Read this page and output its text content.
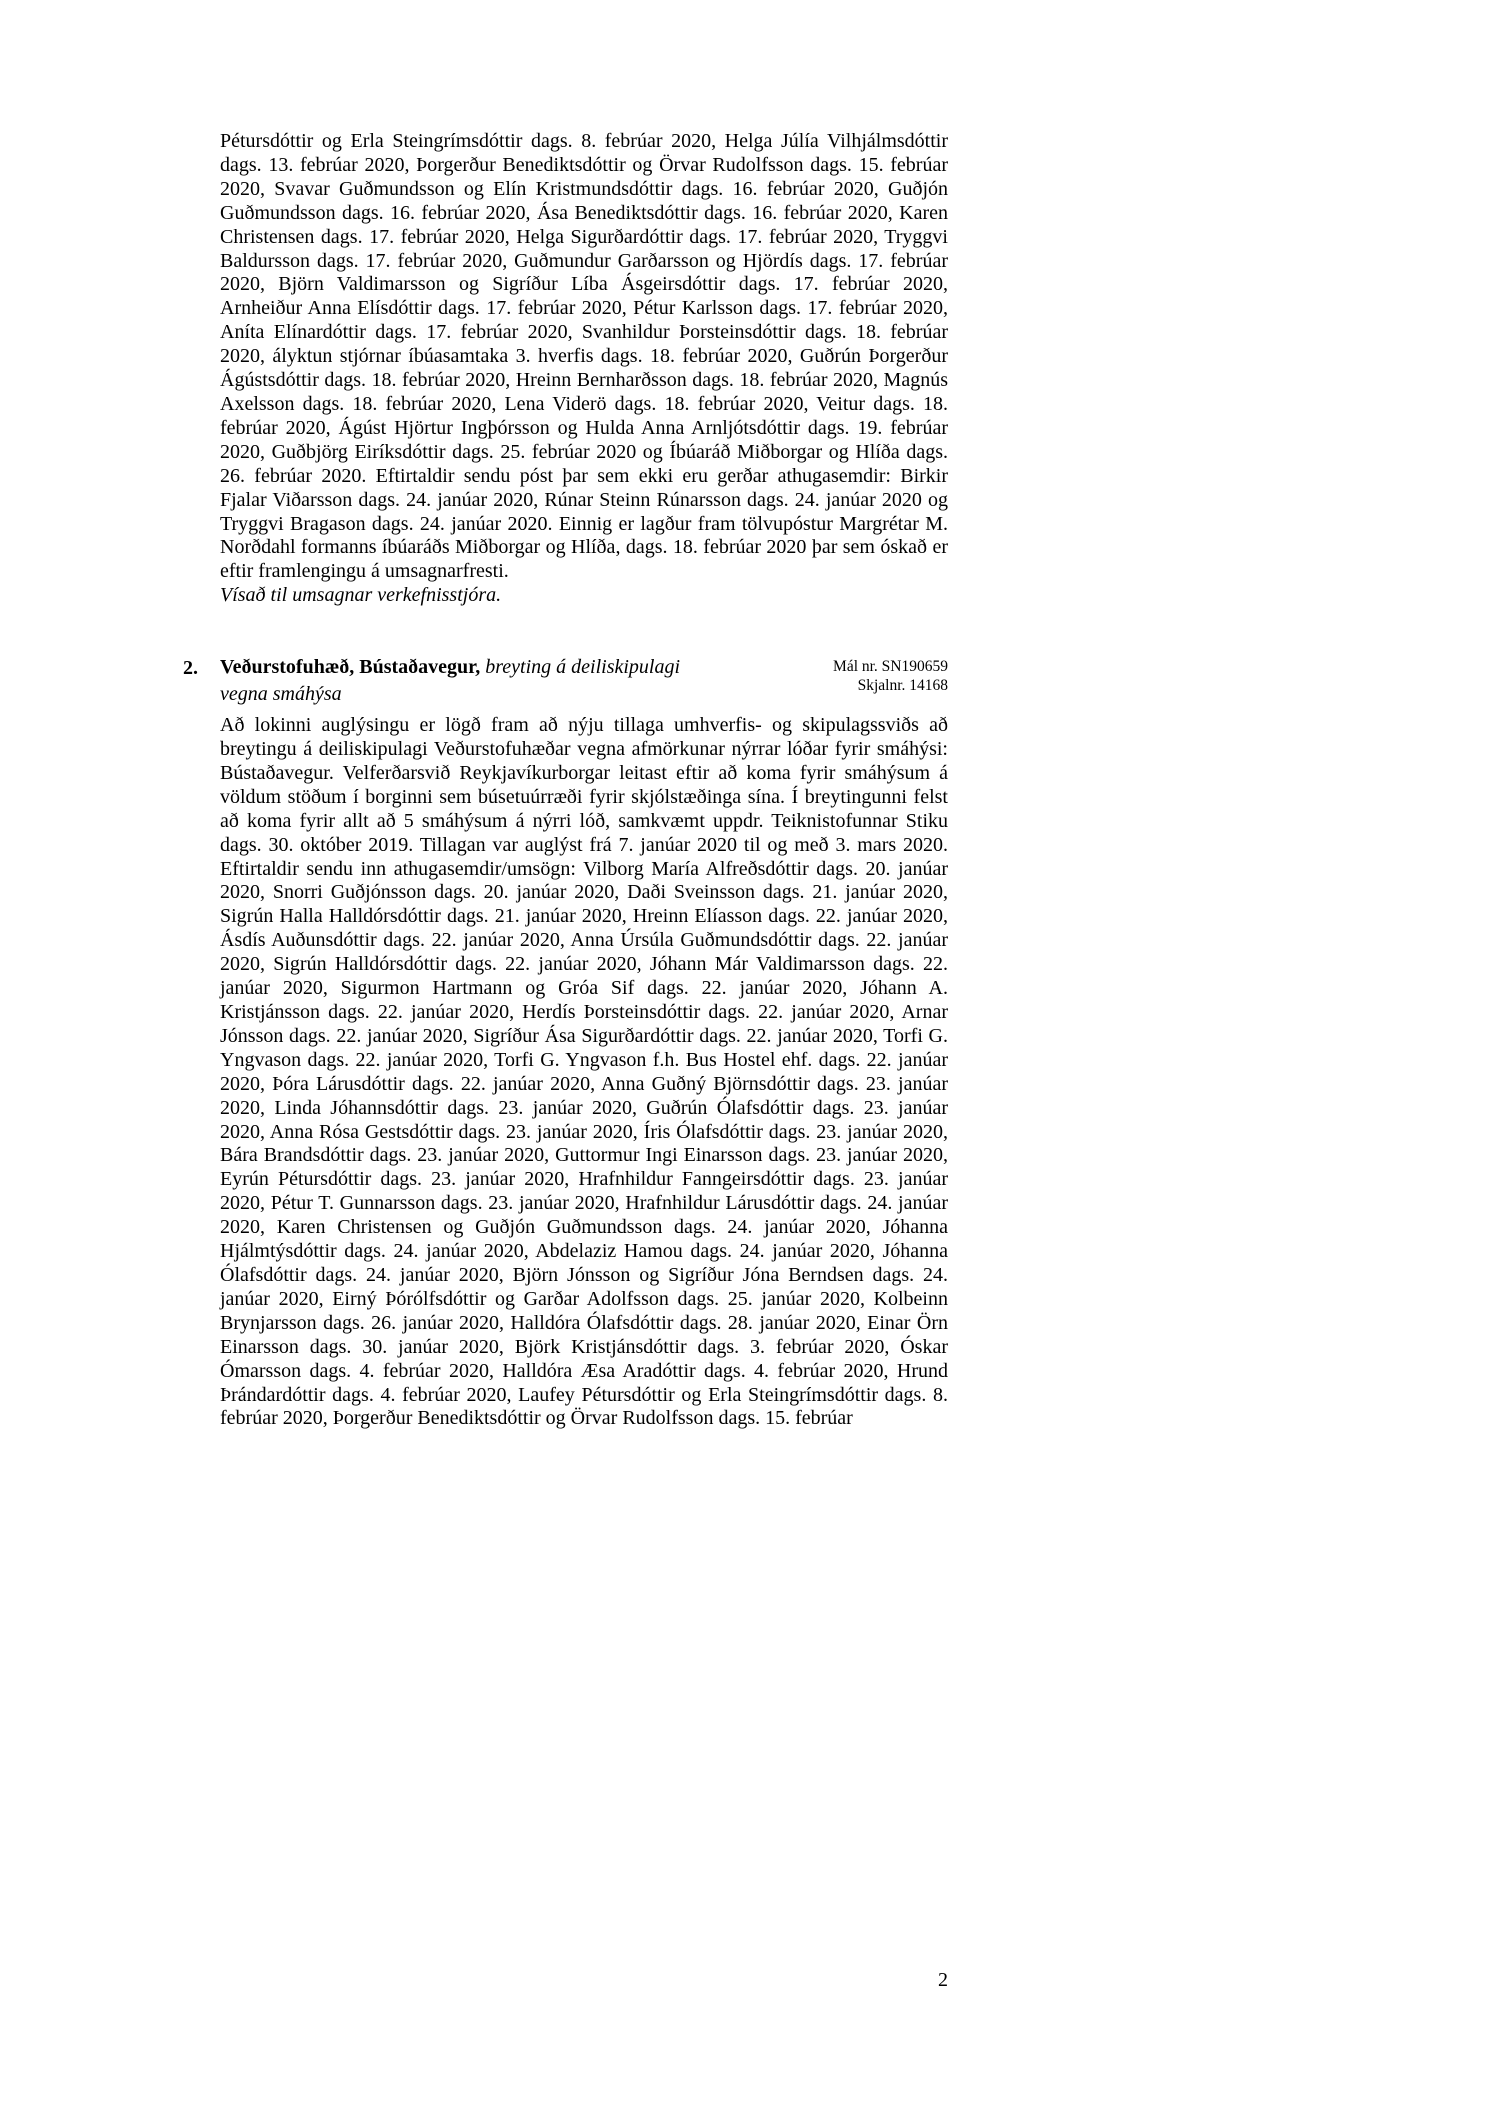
Pétursdóttir og Erla Steingrímsdóttir dags. 8. febrúar 2020, Helga Júlía Vilhjálmsdóttir dags. 13. febrúar 2020, Þorgerður Benediktsdóttir og Örvar Rudolfsson dags. 15. febrúar 2020, Svavar Guðmundsson og Elín Kristmundsdóttir dags. 16. febrúar 2020, Guðjón Guðmundsson dags. 16. febrúar 2020, Ása Benediktsdóttir dags. 16. febrúar 2020, Karen Christensen dags. 17. febrúar 2020, Helga Sigurðardóttir dags. 17. febrúar 2020, Tryggvi Baldursson dags. 17. febrúar 2020, Guðmundur Garðarsson og Hjördís dags. 17. febrúar 2020, Björn Valdimarsson og Sigríður Líba Ásgeirsdóttir dags. 17. febrúar 2020, Arnheiður Anna Elísdóttir dags. 17. febrúar 2020, Pétur Karlsson dags. 17. febrúar 2020, Aníta Elínardóttir dags. 17. febrúar 2020, Svanhildur Þorsteinsdóttir dags. 18. febrúar 2020, ályktun stjórnar íbúasamtaka 3. hverfis dags. 18. febrúar 2020, Guðrún Þorgerður Ágústsdóttir dags. 18. febrúar 2020, Hreinn Bernharðsson dags. 18. febrúar 2020, Magnús Axelsson dags. 18. febrúar 2020, Lena Viderö dags. 18. febrúar 2020, Veitur dags. 18. febrúar 2020, Ágúst Hjörtur Ingþórsson og Hulda Anna Arnljótsdóttir dags. 19. febrúar 2020, Guðbjörg Eiríksdóttir dags. 25. febrúar 2020 og Íbúaráð Miðborgar og Hlíða dags. 26. febrúar 2020. Eftirtaldir sendu póst þar sem ekki eru gerðar athugasemdir: Birkir Fjalar Viðarsson dags. 24. janúar 2020, Rúnar Steinn Rúnarsson dags. 24. janúar 2020 og Tryggvi Bragason dags. 24. janúar 2020. Einnig er lagður fram tölvupóstur Margrétar M. Norðdahl formanns íbúaráðs Miðborgar og Hlíða, dags. 18. febrúar 2020 þar sem óskað er eftir framlengingu á umsagnarfresti.

Vísað til umsagnar verkefnisstjóra.

2. Veðurstofuhæð, Bústaðavegur, breyting á deiliskipulagi vegna smáhýsa
Mál nr. SN190659
Skjalnr. 14168

Að lokinni auglýsingu er lögð fram að nýju tillaga umhverfis- og skipulagssviðs að breytingu á deiliskipulagi Veðurstofuhæðar vegna afmörkunar nýrrar lóðar fyrir smáhýsi: Bústaðavegur. Velferðarsvið Reykjavíkurborgar leitast eftir að koma fyrir smáhýsum á völdum stöðum í borginni sem búsetuúrræði fyrir skjólstæðinga sína. Í breytingunni felst að koma fyrir allt að 5 smáhýsum á nýrri lóð, samkvæmt uppdr. Teiknistofunnar Stiku dags. 30. október 2019. Tillagan var auglýst frá 7. janúar 2020 til og með 3. mars 2020. Eftirtaldir sendu inn athugasemdir/umsögn: Vilborg María Alfreðsdóttir dags. 20. janúar 2020, Snorri Guðjónsson dags. 20. janúar 2020, Daði Sveinsson dags. 21. janúar 2020, Sigrún Halla Halldórsdóttir dags. 21. janúar 2020, Hreinn Elíasson dags. 22. janúar 2020, Ásdís Auðunsdóttir dags. 22. janúar 2020, Anna Úrsúla Guðmundsdóttir dags. 22. janúar 2020, Sigrún Halldórsdóttir dags. 22. janúar 2020, Jóhann Már Valdimarsson dags. 22. janúar 2020, Sigurmon Hartmann og Gróa Sif dags. 22. janúar 2020, Jóhann A. Kristjánsson dags. 22. janúar 2020, Herdís Þorsteinsdóttir dags. 22. janúar 2020, Arnar Jónsson dags. 22. janúar 2020, Sigríður Ása Sigurðardóttir dags. 22. janúar 2020, Torfi G. Yngvason dags. 22. janúar 2020, Torfi G. Yngvason f.h. Bus Hostel ehf. dags. 22. janúar 2020, Þóra Lárusdóttir dags. 22. janúar 2020, Anna Guðný Björnsdóttir dags. 23. janúar 2020, Linda Jóhannsdóttir dags. 23. janúar 2020, Guðrún Ólafsdóttir dags. 23. janúar 2020, Anna Rósa Gestsdóttir dags. 23. janúar 2020, Íris Ólafsdóttir dags. 23. janúar 2020, Bára Brandsdóttir dags. 23. janúar 2020, Guttormur Ingi Einarsson dags. 23. janúar 2020, Eyrún Pétursdóttir dags. 23. janúar 2020, Hrafnhildur Fanngeirsdóttir dags. 23. janúar 2020, Pétur T. Gunnarsson dags. 23. janúar 2020, Hrafnhildur Lárusdóttir dags. 24. janúar 2020, Karen Christensen og Guðjón Guðmundsson dags. 24. janúar 2020, Jóhanna Hjálmtýsdóttir dags. 24. janúar 2020, Abdelaziz Hamou dags. 24. janúar 2020, Jóhanna Ólafsdóttir dags. 24. janúar 2020, Björn Jónsson og Sigríður Jóna Berndsen dags. 24. janúar 2020, Eirný Þórólfsdóttir og Garðar Adolfsson dags. 25. janúar 2020, Kolbeinn Brynjarsson dags. 26. janúar 2020, Halldóra Ólafsdóttir dags. 28. janúar 2020, Einar Örn Einarsson dags. 30. janúar 2020, Björk Kristjánsdóttir dags. 3. febrúar 2020, Óskar Ómarsson dags. 4. febrúar 2020, Halldóra Æsa Aradóttir dags. 4. febrúar 2020, Hrund Þrándardóttir dags. 4. febrúar 2020, Laufey Pétursdóttir og Erla Steingrímsdóttir dags. 8. febrúar 2020, Þorgerður Benediktsdóttir og Örvar Rudolfsson dags. 15. febrúar

2
